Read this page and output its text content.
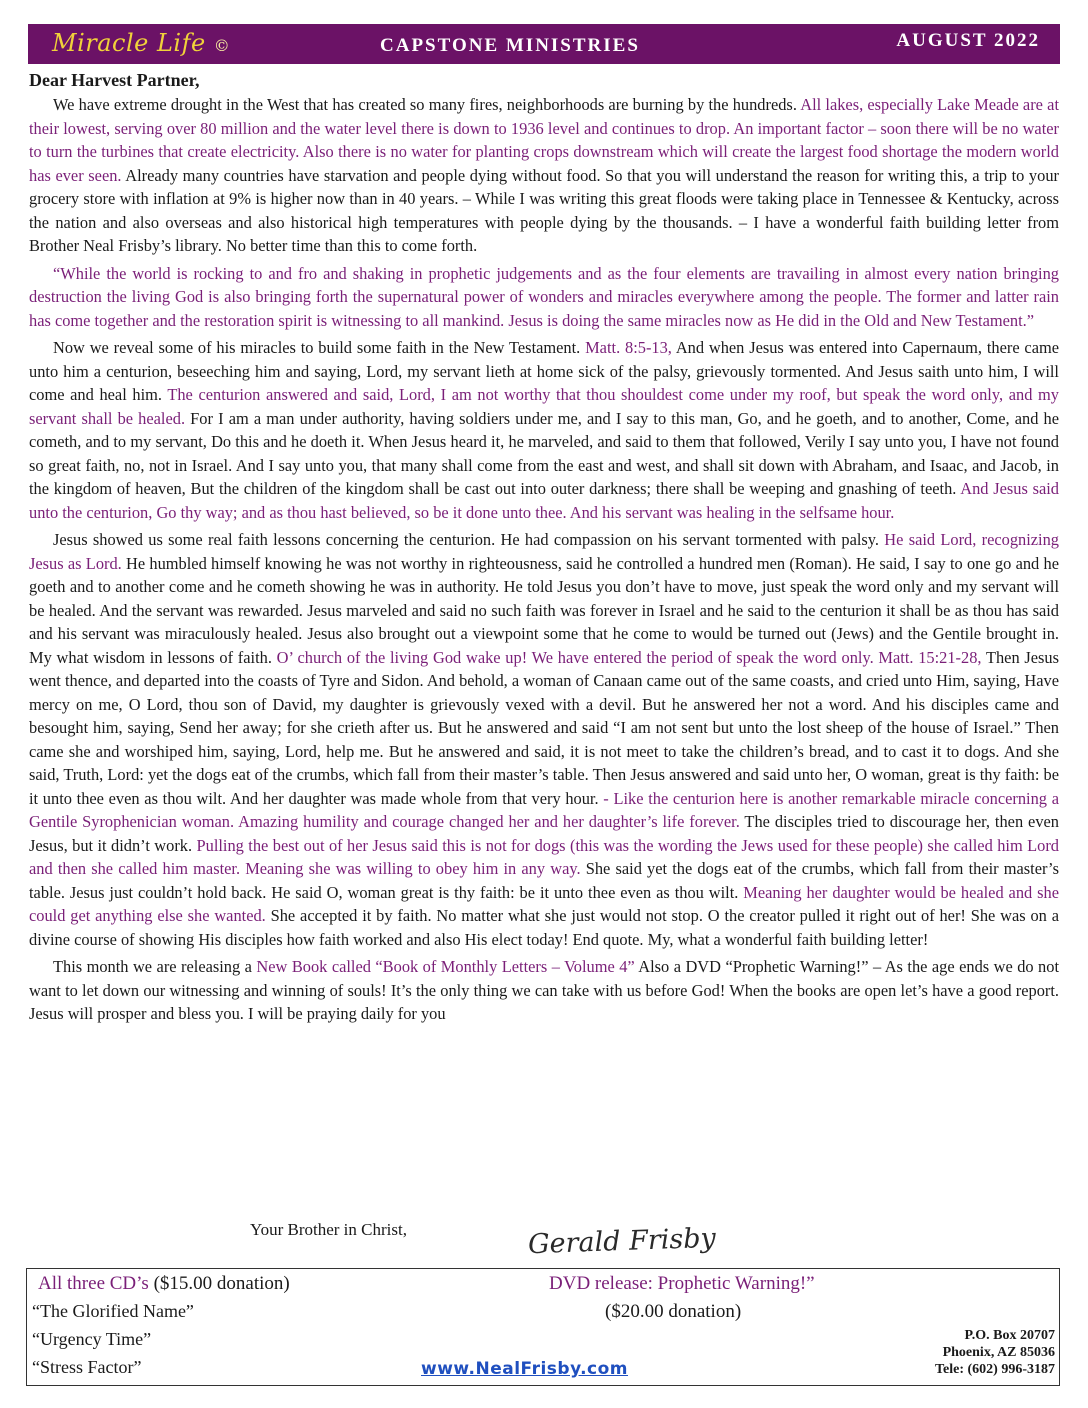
Miracle Life ©	CAPSTONE MINISTRIES	AUGUST 2022
Dear Harvest Partner,

We have extreme drought in the West that has created so many fires, neighborhoods are burning by the hundreds. All lakes, especially Lake Meade are at their lowest, serving over 80 million and the water level there is down to 1936 level and continues to drop. An important factor – soon there will be no water to turn the turbines that create electricity. Also there is no water for planting crops downstream which will create the largest food shortage the modern world has ever seen. Already many countries have starvation and people dying without food. So that you will understand the reason for writing this, a trip to your grocery store with inflation at 9% is higher now than in 40 years. – While I was writing this great floods were taking place in Tennessee & Kentucky, across the nation and also overseas and also historical high temperatures with people dying by the thousands. – I have a wonderful faith building letter from Brother Neal Frisby’s library. No better time than this to come forth.

“While the world is rocking to and fro and shaking in prophetic judgements and as the four elements are travailing in almost every nation bringing destruction the living God is also bringing forth the supernatural power of wonders and miracles everywhere among the people. The former and latter rain has come together and the restoration spirit is witnessing to all mankind. Jesus is doing the same miracles now as He did in the Old and New Testament.”

Now we reveal some of his miracles to build some faith in the New Testament. Matt. 8:5-13, And when Jesus was entered into Capernaum, there came unto him a centurion, beseeching him and saying, Lord, my servant lieth at home sick of the palsy, grievously tormented. And Jesus saith unto him, I will come and heal him. The centurion answered and said, Lord, I am not worthy that thou shouldest come under my roof, but speak the word only, and my servant shall be healed. For I am a man under authority, having soldiers under me, and I say to this man, Go, and he goeth, and to another, Come, and he cometh, and to my servant, Do this and he doeth it. When Jesus heard it, he marveled, and said to them that followed, Verily I say unto you, I have not found so great faith, no, not in Israel. And I say unto you, that many shall come from the east and west, and shall sit down with Abraham, and Isaac, and Jacob, in the kingdom of heaven, But the children of the kingdom shall be cast out into outer darkness; there shall be weeping and gnashing of teeth. And Jesus said unto the centurion, Go thy way; and as thou hast believed, so be it done unto thee. And his servant was healing in the selfsame hour.

Jesus showed us some real faith lessons concerning the centurion. He had compassion on his servant tormented with palsy. He said Lord, recognizing Jesus as Lord. He humbled himself knowing he was not worthy in righteousness, said he controlled a hundred men (Roman). He said, I say to one go and he goeth and to another come and he cometh showing he was in authority. He told Jesus you don’t have to move, just speak the word only and my servant will be healed. And the servant was rewarded. Jesus marveled and said no such faith was forever in Israel and he said to the centurion it shall be as thou has said and his servant was miraculously healed. Jesus also brought out a viewpoint some that he come to would be turned out (Jews) and the Gentile brought in. My what wisdom in lessons of faith. O’ church of the living God wake up! We have entered the period of speak the word only. Matt. 15:21-28, Then Jesus went thence, and departed into the coasts of Tyre and Sidon. And behold, a woman of Canaan came out of the same coasts, and cried unto Him, saying, Have mercy on me, O Lord, thou son of David, my daughter is grievously vexed with a devil. But he answered her not a word. And his disciples came and besought him, saying, Send her away; for she crieth after us. But he answered and said “I am not sent but unto the lost sheep of the house of Israel.” Then came she and worshiped him, saying, Lord, help me. But he answered and said, it is not meet to take the children’s bread, and to cast it to dogs. And she said, Truth, Lord: yet the dogs eat of the crumbs, which fall from their master’s table. Then Jesus answered and said unto her, O woman, great is thy faith: be it unto thee even as thou wilt. And her daughter was made whole from that very hour. - Like the centurion here is another remarkable miracle concerning a Gentile Syrophenician woman. Amazing humility and courage changed her and her daughter’s life forever. The disciples tried to discourage her, then even Jesus, but it didn’t work. Pulling the best out of her Jesus said this is not for dogs (this was the wording the Jews used for these people) she called him Lord and then she called him master. Meaning she was willing to obey him in any way. She said yet the dogs eat of the crumbs, which fall from their master’s table. Jesus just couldn’t hold back. He said O, woman great is thy faith: be it unto thee even as thou wilt. Meaning her daughter would be healed and she could get anything else she wanted. She accepted it by faith. No matter what she just would not stop. O the creator pulled it right out of her! She was on a divine course of showing His disciples how faith worked and also His elect today! End quote. My, what a wonderful faith building letter!

This month we are releasing a New Book called “Book of Monthly Letters – Volume 4” Also a DVD “Prophetic Warning!” – As the age ends we do not want to let down our witnessing and winning of souls! It’s the only thing we can take with us before God! When the books are open let’s have a good report. Jesus will prosper and bless you. I will be praying daily for you

Your Brother in Christ,	Gerald Frisby
All three CD’s ($15.00 donation)
“The Glorified Name”
“Urgency Time”
“Stress Factor”
DVD release: Prophetic Warning!”
($20.00 donation)
www.NealFrisby.com
P.O. Box 20707
Phoenix, AZ 85036
Tele: (602) 996-3187
